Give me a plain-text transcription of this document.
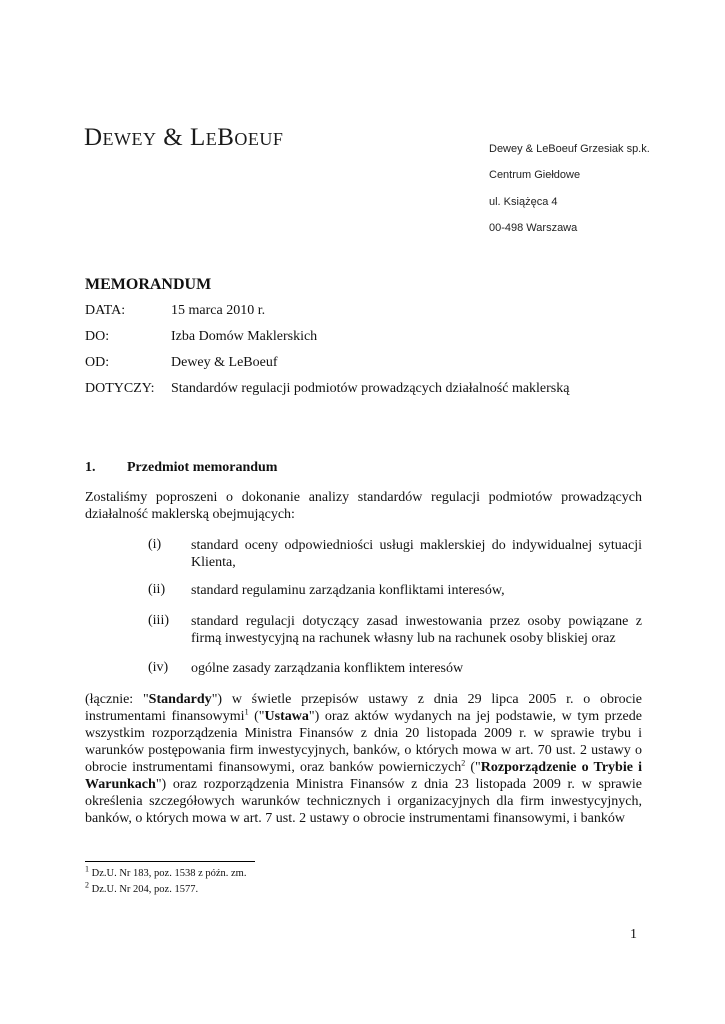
Dewey & LeBoeuf	Dewey & LeBoeuf Grzesiak sp.k.
Centrum Giełdowe
ul. Książęca 4
00-498 Warszawa
MEMORANDUM
DATA:	15 marca 2010 r.
DO:	Izba Domów Maklerskich
OD:	Dewey & LeBoeuf
DOTYCZY: Standardów regulacji podmiotów prowadzących działalność maklerską
1. Przedmiot memorandum
Zostaliśmy poproszeni o dokonanie analizy standardów regulacji podmiotów prowadzących działalność maklerską obejmujących:
(i) standard oceny odpowiedniości usługi maklerskiej do indywidualnej sytuacji Klienta,
(ii) standard regulaminu zarządzania konfliktami interesów,
(iii) standard regulacji dotyczący zasad inwestowania przez osoby powiązane z firmą inwestycyjną na rachunek własny lub na rachunek osoby bliskiej oraz
(iv) ogólne zasady zarządzania konfliktem interesów
(łącznie: "Standardy") w świetle przepisów ustawy z dnia 29 lipca 2005 r. o obrocie instrumentami finansowymi$^1$ ("Ustawa") oraz aktów wydanych na jej podstawie, w tym przede wszystkim rozporządzenia Ministra Finansów z dnia 20 listopada 2009 r. w sprawie trybu i warunków postępowania firm inwestycyjnych, banków, o których mowa w art. 70 ust. 2 ustawy o obrocie instrumentami finansowymi, oraz banków powierniczych$^2$ ("Rozporządzenie o Trybie i Warunkach") oraz rozporządzenia Ministra Finansów z dnia 23 listopada 2009 r. w sprawie określenia szczegółowych warunków technicznych i organizacyjnych dla firm inwestycyjnych, banków, o których mowa w art. 7 ust. 2 ustawy o obrocie instrumentami finansowymi, i banków
$^1$ Dz.U. Nr 183, poz. 1538 z późn. zm.
$^2$ Dz.U. Nr 204, poz. 1577.
1
